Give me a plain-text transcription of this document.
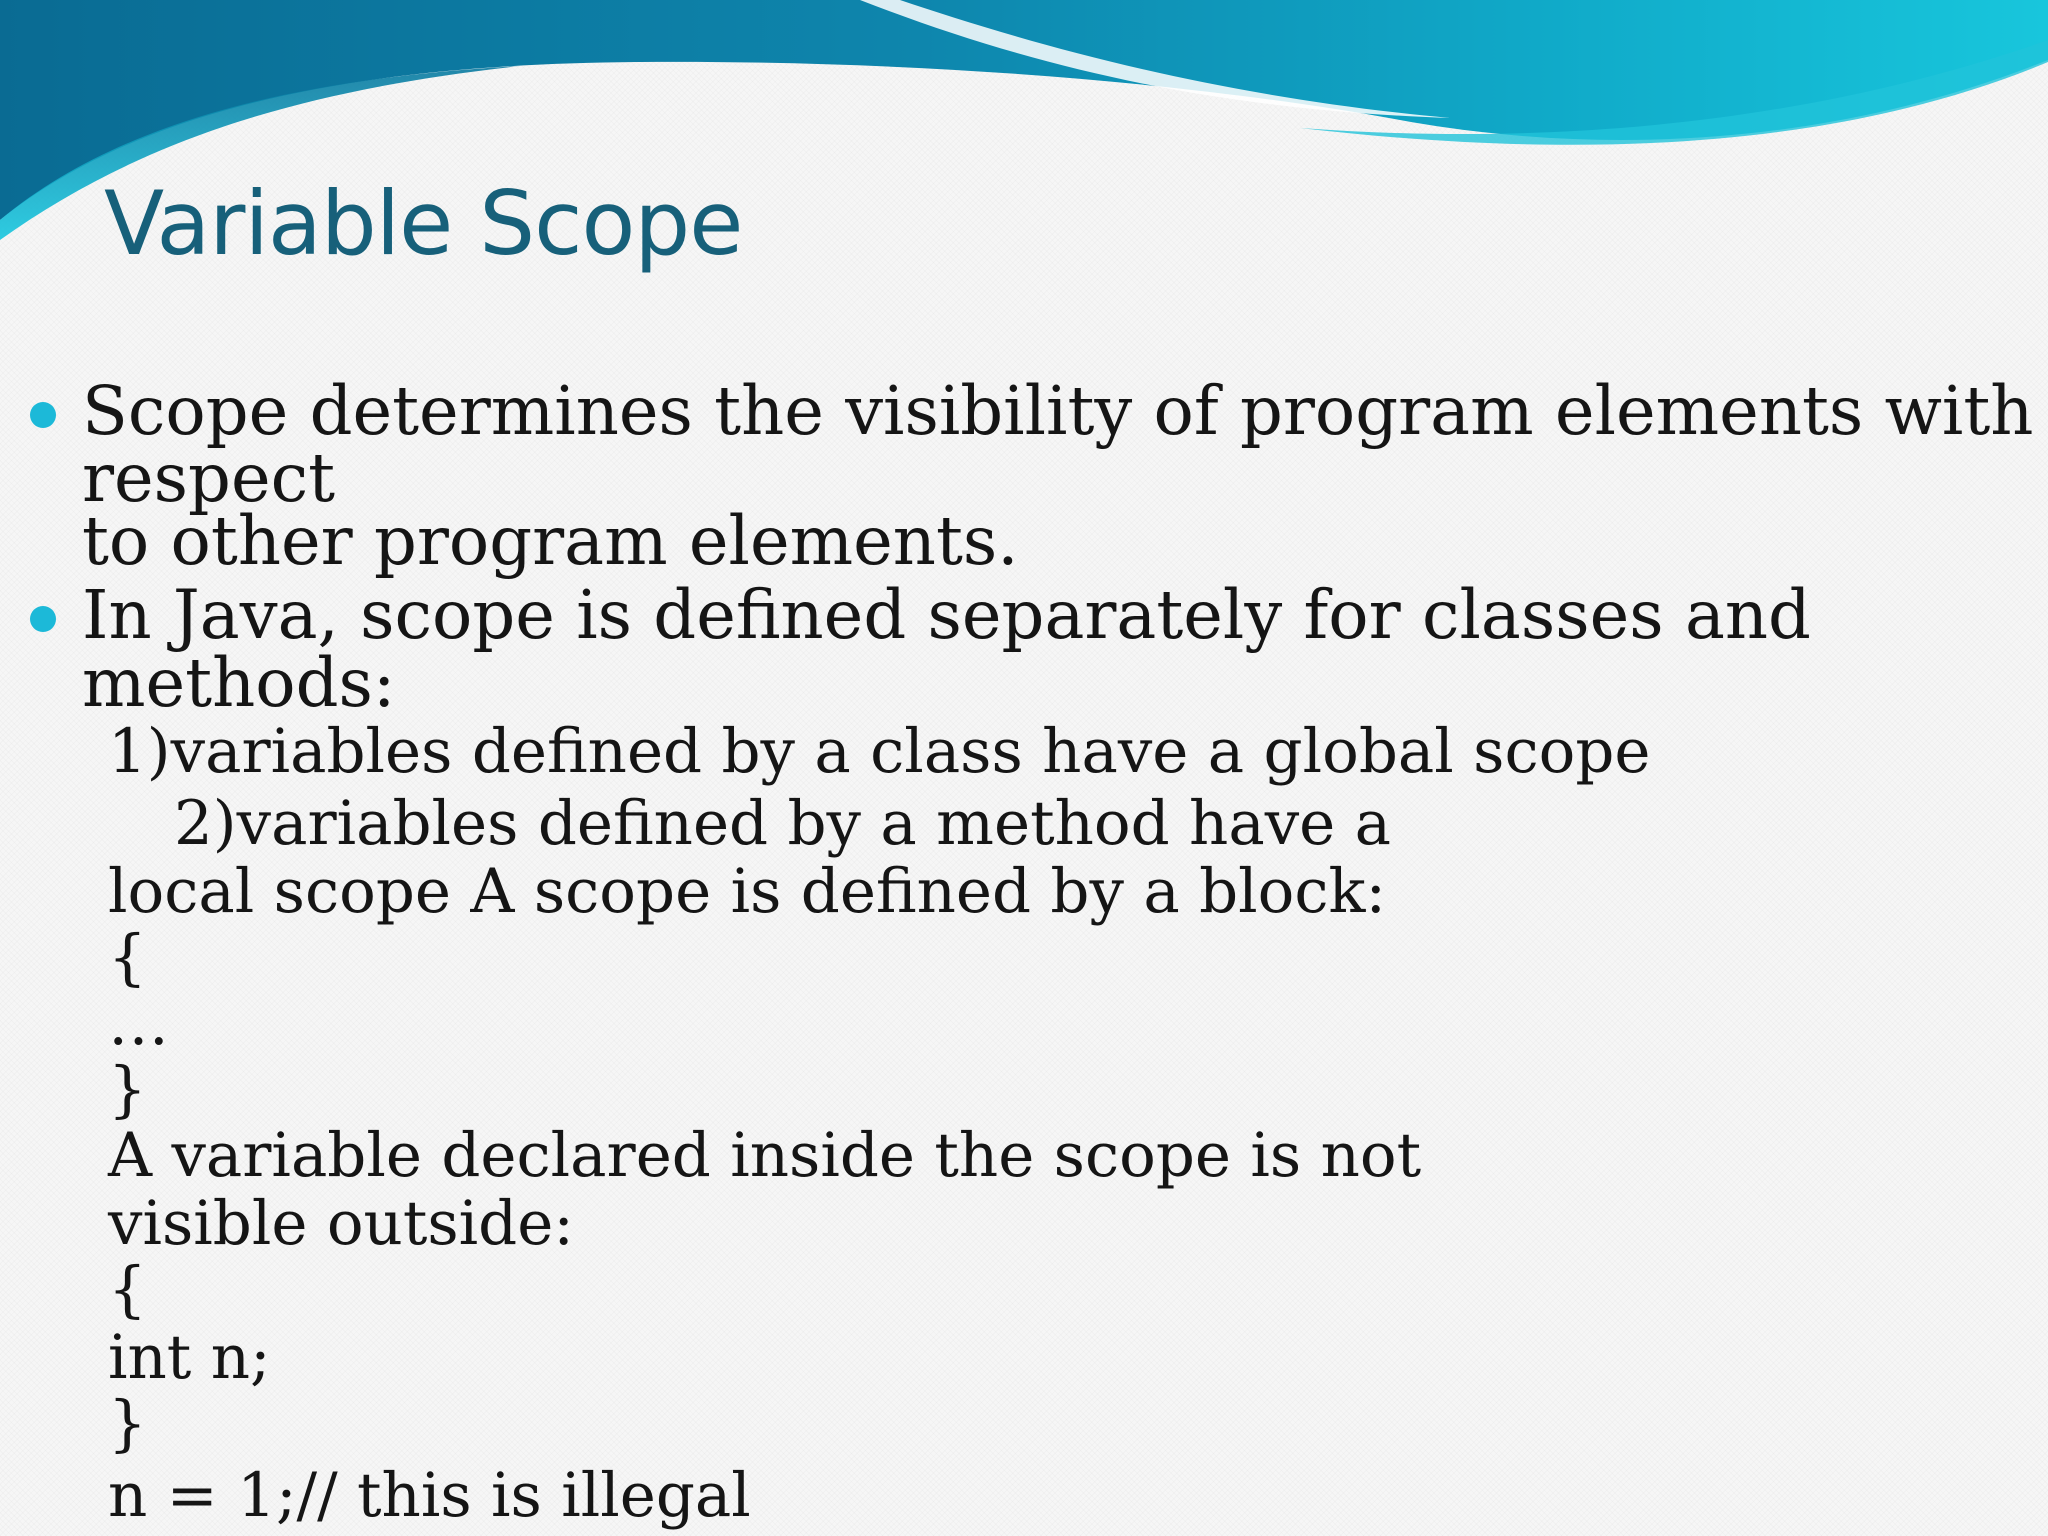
Variable Scope

Scope determines the visibility of program elements with

respect

to other program elements.

In Java, scope is defined separately for classes and

methods:

1)variables defined by a class have a global scope

2)variables defined by a method have a

local scope A scope is defined by a block:

{

…

}

A variable declared inside the scope is not

visible outside:

{

int n;

}

n = 1;// this is illegal
